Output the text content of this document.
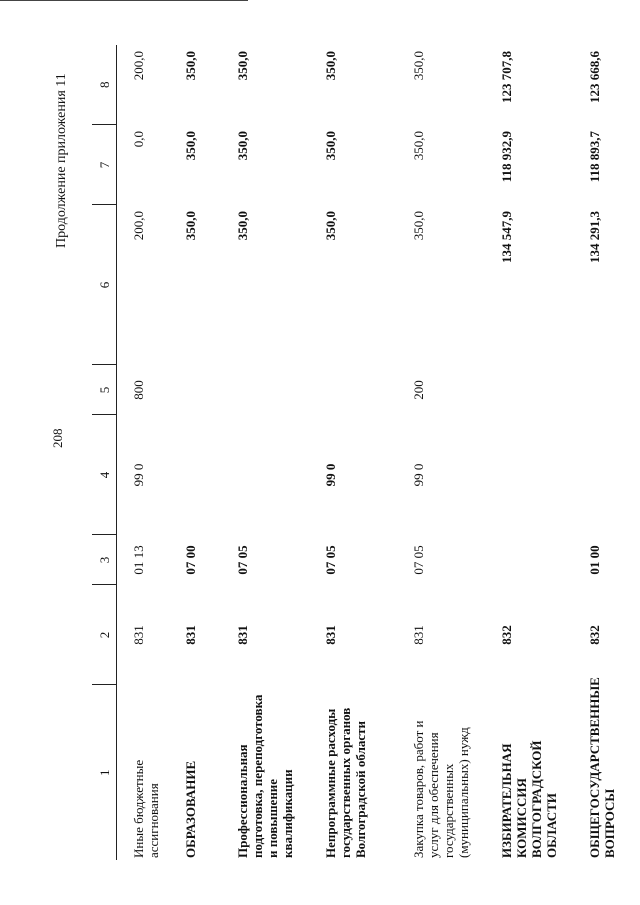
208
Продолжение приложения 11
1	2	3	4	5	6	7	8
Иные бюджетные ассигнования	831	01 13	99 0	800	200,0	0,0	200,0
ОБРАЗОВАНИЕ	831	07 00			350,0	350,0	350,0
Профессиональная подготовка, переподготовка и повышение квалификации	831	07 05			350,0	350,0	350,0
Непрограммные расходы государственных органов Волгоградской области	831	07 05	99 0		350,0	350,0	350,0
Закупка товаров, работ и услуг для обеспечения государственных (муниципальных) нужд	831	07 05	99 0	200	350,0	350,0	350,0
ИЗБИРАТЕЛЬНАЯ КОМИССИЯ ВОЛГОГРАДСКОЙ ОБЛАСТИ	832				134 547,9	118 932,9	123 707,8
ОБЩЕГОСУДАРСТВЕННЫЕ ВОПРОСЫ	832	01 00			134 291,3	118 893,7	123 668,6
